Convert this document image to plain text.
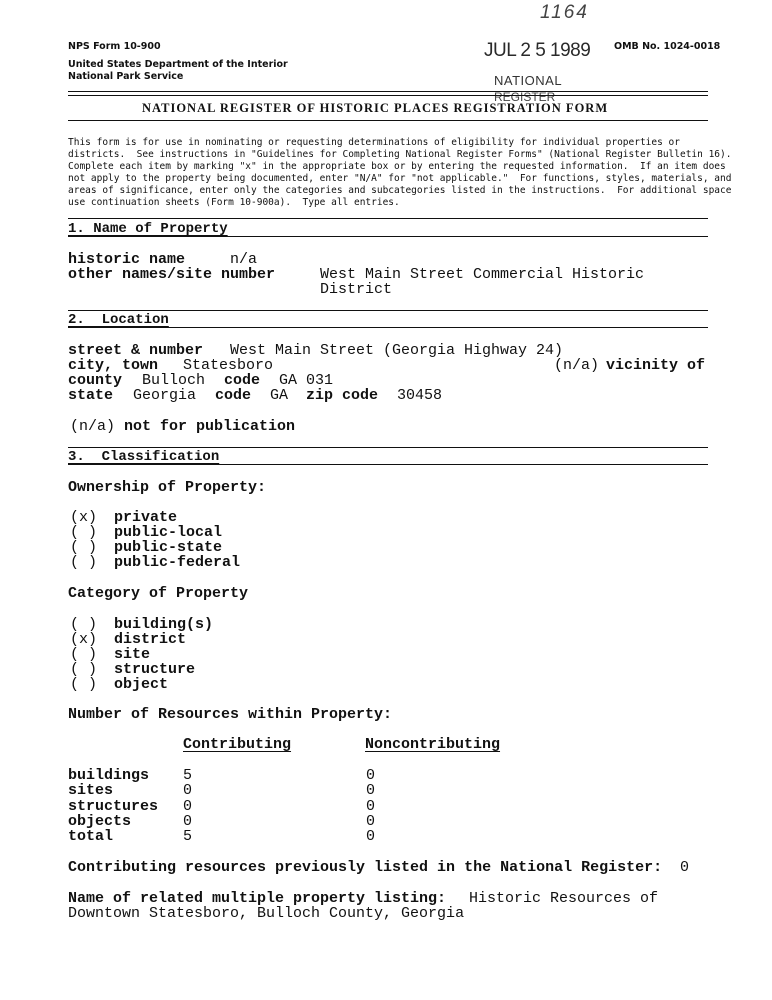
1164
JUL 2 5 1989
NATIONAL
REGISTER
NPS Form 10-900	OMB No. 1024-0018
United States Department of the Interior
National Park Service
NATIONAL REGISTER OF HISTORIC PLACES REGISTRATION FORM
This form is for use in nominating or requesting determinations of eligibility for individual properties or
districts.  See instructions in "Guidelines for Completing National Register Forms" (National Register Bulletin 16).
Complete each item by marking "x" in the appropriate box or by entering the requested information.  If an item does
not apply to the property being documented, enter "N/A" for "not applicable."  For functions, styles, materials, and
areas of significance, enter only the categories and subcategories listed in the instructions.  For additional space
use continuation sheets (Form 10-900a).  Type all entries.
1. Name of Property
historic name	n/a
other names/site number	West Main Street Commercial Historic
District
2.  Location
street & number West Main Street (Georgia Highway 24)
city, town Statesboro	(n/a) vicinity of
county Bulloch code GA 031
state Georgia code GA zip code 30458
(n/a) not for publication
3.  Classification
Ownership of Property:
(x) private
( ) public-local
( ) public-state
( ) public-federal
Category of Property
( ) building(s)
(x) district
( ) site
( ) structure
( ) object
Number of Resources within Property:
Contributing	Noncontributing
buildings 5	0
sites	0	0
structures 0	0
objects	0	0
total	5	0
Contributing resources previously listed in the National Register: 0
Name of related multiple property listing: Historic Resources of
Downtown Statesboro, Bulloch County, Georgia
